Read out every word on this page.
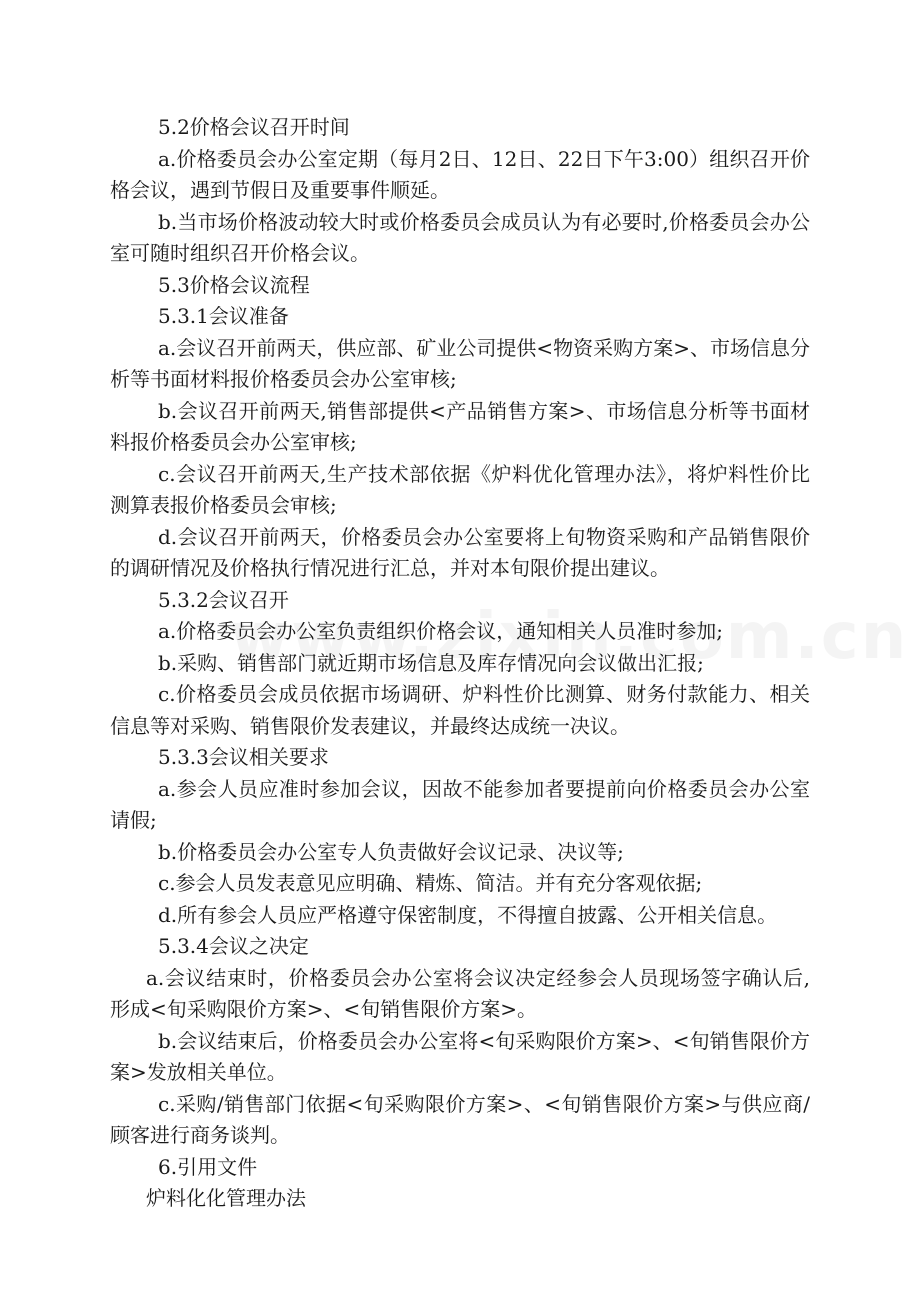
5.2价格会议召开时间

a.价格委员会办公室定期（每月2日、12日、22日下午3:00）组织召开价格会议，遇到节假日及重要事件顺延。

b.当市场价格波动较大时或价格委员会成员认为有必要时,价格委员会办公室可随时组织召开价格会议。

5.3价格会议流程

5.3.1会议准备

a.会议召开前两天，供应部、矿业公司提供<物资采购方案>、市场信息分析等书面材料报价格委员会办公室审核;

b.会议召开前两天,销售部提供<产品销售方案>、市场信息分析等书面材料报价格委员会办公室审核;

c.会议召开前两天,生产技术部依据《炉料优化管理办法》，将炉料性价比测算表报价格委员会审核;

d.会议召开前两天，价格委员会办公室要将上旬物资采购和产品销售限价的调研情况及价格执行情况进行汇总，并对本旬限价提出建议。

5.3.2会议召开

a.价格委员会办公室负责组织价格会议，通知相关人员准时参加;

b.采购、销售部门就近期市场信息及库存情况向会议做出汇报;

c.价格委员会成员依据市场调研、炉料性价比测算、财务付款能力、相关信息等对采购、销售限价发表建议，并最终达成统一决议。

5.3.3会议相关要求

a.参会人员应准时参加会议，因故不能参加者要提前向价格委员会办公室请假;

b.价格委员会办公室专人负责做好会议记录、决议等;

c.参会人员发表意见应明确、精炼、简洁。并有充分客观依据;

d.所有参会人员应严格遵守保密制度，不得擅自披露、公开相关信息。

5.3.4会议之决定

a.会议结束时，价格委员会办公室将会议决定经参会人员现场签字确认后,形成<旬采购限价方案>、<旬销售限价方案>。

b.会议结束后，价格委员会办公室将<旬采购限价方案>、<旬销售限价方案>发放相关单位。

c.采购/销售部门依据<旬采购限价方案>、<旬销售限价方案>与供应商/顾客进行商务谈判。

6.引用文件

炉料化化管理办法
